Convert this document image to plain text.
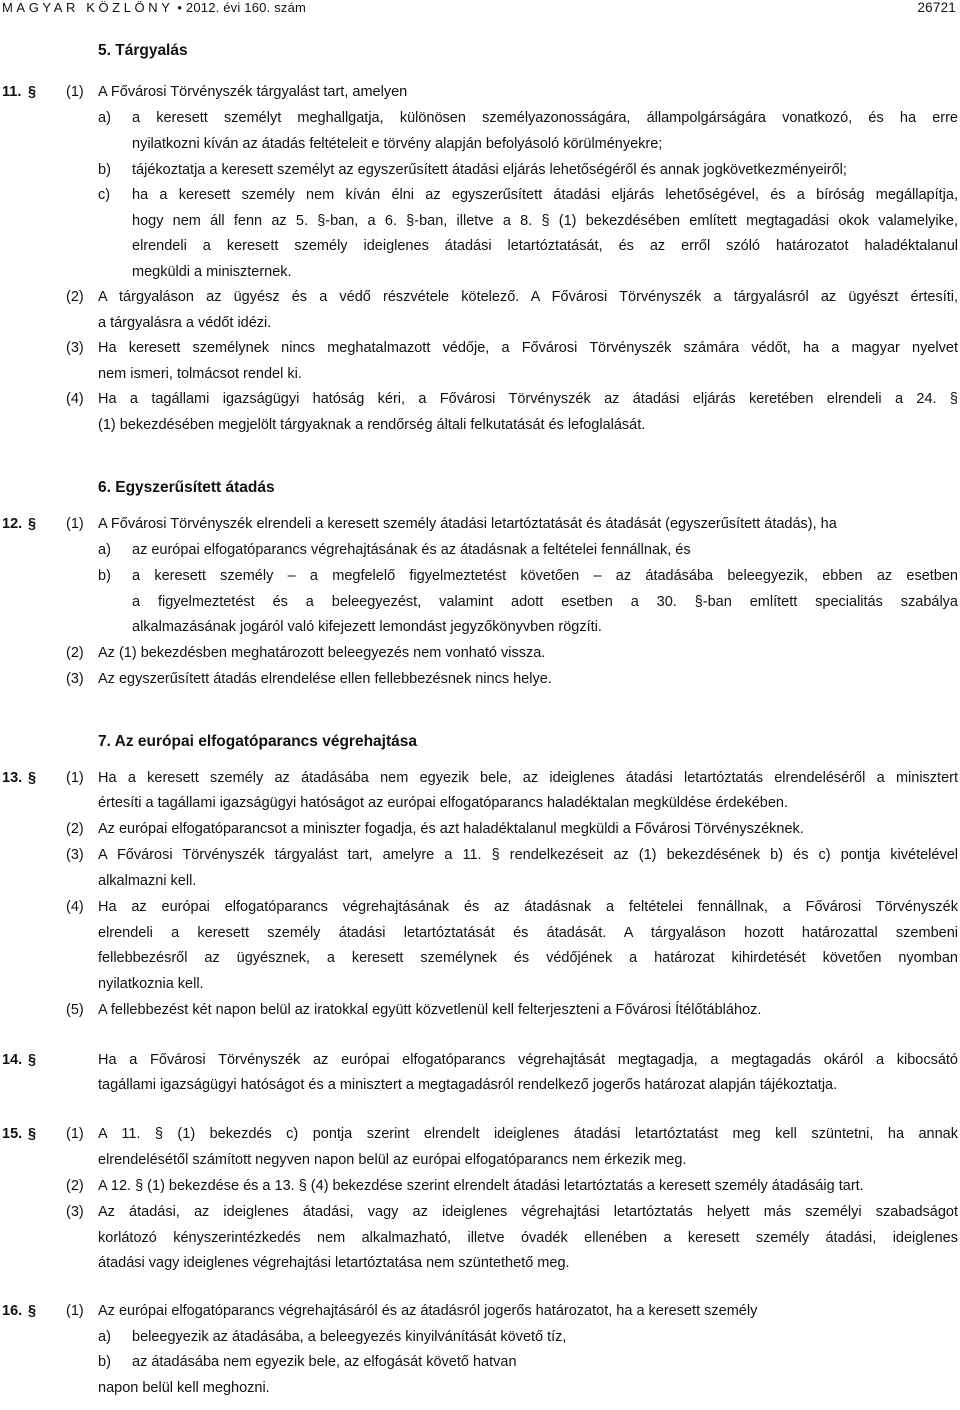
MAGYAR KÖZLÖNY • 2012. évi 160. szám	26721
5. Tárgyalás
6. Egyszerűsített átadás
7. Az európai elfogatóparancs végrehajtása
11. § (1) A Fővárosi Törvényszék tárgyalást tart, amelyen
a) a keresett személyt meghallgatja, különösen személyazonosságára, állampolgárságára vonatkozó, és ha erre
nyilatkozni kíván az átadás feltételeit e törvény alapján befolyásoló körülményekre;
b) tájékoztatja a keresett személyt az egyszerűsített átadási eljárás lehetőségéről és annak jogkövetkezményeiről;
c) ha a keresett személy nem kíván élni az egyszerűsített átadási eljárás lehetőségével, és a bíróság megállapítja,
hogy nem áll fenn az 5. §-ban, a 6. §-ban, illetve a 8. § (1) bekezdésében említett megtagadási okok valamelyike,
elrendeli a keresett személy ideiglenes átadási letartóztatását, és az erről szóló határozatot haladéktalanul
megküldi a miniszternek.
(2) A tárgyaláson az ügyész és a védő részvétele kötelező. A Fővárosi Törvényszék a tárgyalásról az ügyészt értesíti,
a tárgyalásra a védőt idézi.
(3) Ha keresett személynek nincs meghatalmazott védője, a Fővárosi Törvényszék számára védőt, ha a magyar nyelvet
nem ismeri, tolmácsot rendel ki.
(4) Ha a tagállami igazságügyi hatóság kéri, a Fővárosi Törvényszék az átadási eljárás keretében elrendeli a 24. §
(1) bekezdésében megjelölt tárgyaknak a rendőrség általi felkutatását és lefoglalását.
12. § (1) A Fővárosi Törvényszék elrendeli a keresett személy átadási letartóztatását és átadását (egyszerűsített átadás), ha
a) az európai elfogatóparancs végrehajtásának és az átadásnak a feltételei fennállnak, és
b) a keresett személy – a megfelelő figyelmeztetést követően – az átadásába beleegyezik, ebben az esetben
a figyelmeztetést és a beleegyezést, valamint adott esetben a 30. §-ban említett specialitás szabálya
alkalmazásának jogáról való kifejezett lemondást jegyzőkönyvben rögzíti.
(2) Az (1) bekezdésben meghatározott beleegyezés nem vonható vissza.
(3) Az egyszerűsített átadás elrendelése ellen fellebbezésnek nincs helye.
13. § (1) Ha a keresett személy az átadásába nem egyezik bele, az ideiglenes átadási letartóztatás elrendeléséről a minisztert
értesíti a tagállami igazságügyi hatóságot az európai elfogatóparancs haladéktalan megküldése érdekében.
(2) Az európai elfogatóparancsot a miniszter fogadja, és azt haladéktalanul megküldi a Fővárosi Törvényszéknek.
(3) A Fővárosi Törvényszék tárgyalást tart, amelyre a 11. § rendelkezéseit az (1) bekezdésének b) és c) pontja kivételével
alkalmazni kell.
(4) Ha az európai elfogatóparancs végrehajtásának és az átadásnak a feltételei fennállnak, a Fővárosi Törvényszék
elrendeli a keresett személy átadási letartóztatását és átadását. A tárgyaláson hozott határozattal szembeni
fellebbezésről az ügyésznek, a keresett személynek és védőjének a határozat kihirdetését követően nyomban
nyilatkoznia kell.
(5) A fellebbezést két napon belül az iratokkal együtt közvetlenül kell felterjeszteni a Fővárosi Ítélőtáblához.
14. §	Ha a Fővárosi Törvényszék az európai elfogatóparancs végrehajtását megtagadja, a megtagadás okáról a kibocsátó
tagállami igazságügyi hatóságot és a minisztert a megtagadásról rendelkező jogerős határozat alapján tájékoztatja.
15. § (1) A 11. § (1) bekezdés c) pontja szerint elrendelt ideiglenes átadási letartóztatást meg kell szüntetni, ha annak
elrendelésétől számított negyven napon belül az európai elfogatóparancs nem érkezik meg.
(2) A 12. § (1) bekezdése és a 13. § (4) bekezdése szerint elrendelt átadási letartóztatás a keresett személy átadásáig tart.
(3) Az átadási, az ideiglenes átadási, vagy az ideiglenes végrehajtási letartóztatás helyett más személyi szabadságot
korlátozó kényszerintézkedés nem alkalmazható, illetve óvadék ellenében a keresett személy átadási, ideiglenes
átadási vagy ideiglenes végrehajtási letartóztatása nem szüntethető meg.
16. § (1) Az európai elfogatóparancs végrehajtásáról és az átadásról jogerős határozatot, ha a keresett személy
a) beleegyezik az átadásába, a beleegyezés kinyilvánítását követő tíz,
b) az átadásába nem egyezik bele, az elfogását követő hatvan
napon belül kell meghozni.
